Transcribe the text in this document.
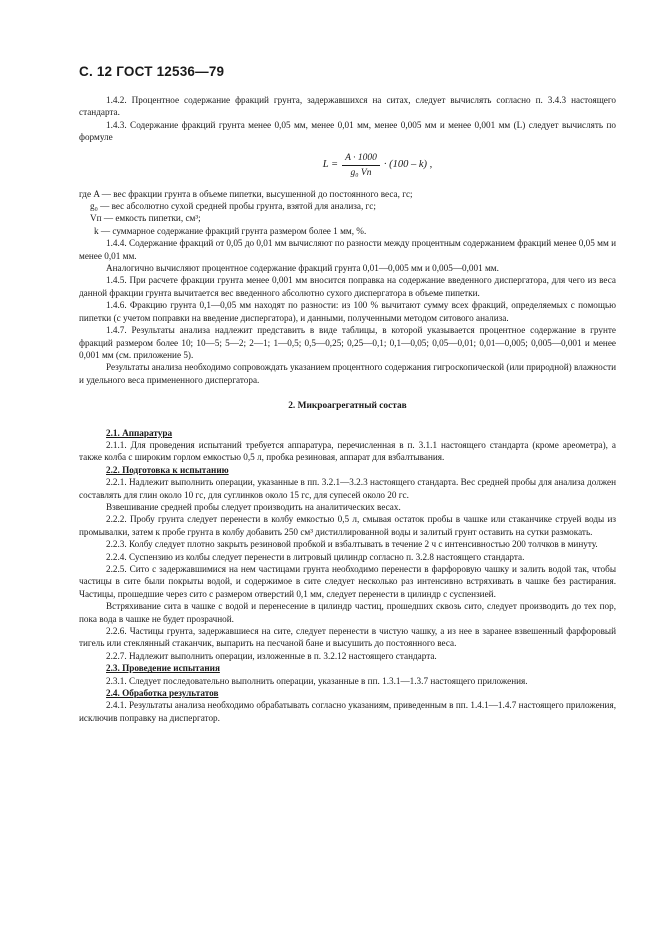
С. 12 ГОСТ 12536—79

1.4.2. Процентное содержание фракций грунта, задержавшихся на ситах, следует вычислять согласно п. 3.4.3 настоящего стандарта.

1.4.3. Содержание фракций грунта менее 0,05 мм, менее 0,01 мм, менее 0,005 мм и менее 0,001 мм (L) следует вычислять по формуле

$L = \frac{A \cdot 1000}{\text{g₀ Vп}} \cdot (100 - k)$ ,

где A — вес фракции грунта в объеме пипетки, высушенной до постоянного веса, гс;

g₀ — вес абсолютно сухой средней пробы грунта, взятой для анализа, гс;

Vп — емкость пипетки, см³;

k — суммарное содержание фракций грунта размером более 1 мм, %.

1.4.4. Содержание фракций от 0,05 до 0,01 мм вычисляют по разности между процентным содержанием фракций менее 0,05 мм и менее 0,01 мм.

Аналогично вычисляют процентное содержание фракций грунта 0,01—0,005 мм и 0,005—0,001 мм.

1.4.5. При расчете фракции грунта менее 0,001 мм вносится поправка на содержание введенного диспергатора, для чего из веса данной фракции грунта вычитается вес введенного абсолютно сухого диспергатора в объеме пипетки.

1.4.6. Фракцию грунта 0,1—0,05 мм находят по разности: из 100 % вычитают сумму всех фракций, определяемых с помощью пипетки (с учетом поправки на введение диспергатора), и данными, полученными методом ситового анализа.

1.4.7. Результаты анализа надлежит представить в виде таблицы, в которой указывается процентное содержание в грунте фракций размером более 10; 10—5; 5—2; 2—1; 1—0,5; 0,5—0,25; 0,25—0,1; 0,1—0,05; 0,05—0,01; 0,01—0,005; 0,005—0,001 и менее 0,001 мм (см. приложение 5).

Результаты анализа необходимо сопровождать указанием процентного содержания гигроскопической (или природной) влажности и удельного веса примененного диспергатора.

2. Микроагрегатный состав

2.1. Аппаратура

2.1.1. Для проведения испытаний требуется аппаратура, перечисленная в п. 3.1.1 настоящего стандарта (кроме ареометра), а также колба с широким горлом емкостью 0,5 л, пробка резиновая, аппарат для взбалтывания.

2.2. Подготовка к испытанию

2.2.1. Надлежит выполнить операции, указанные в пп. 3.2.1—3.2.3 настоящего стандарта. Вес средней пробы для анализа должен составлять для глин около 10 гс, для суглинков около 15 гс, для супесей около 20 гс.

Взвешивание средней пробы следует производить на аналитических весах.

2.2.2. Пробу грунта следует перенести в колбу емкостью 0,5 л, смывая остаток пробы в чашке или стаканчике струей воды из промывалки, затем к пробе грунта в колбу добавить 250 см³ дистиллированной воды и залитый грунт оставить на сутки размокать.

2.2.3. Колбу следует плотно закрыть резиновой пробкой и взбалтывать в течение 2 ч с интенсивностью 200 толчков в минуту.

2.2.4. Суспензию из колбы следует перенести в литровый цилиндр согласно п. 3.2.8 настоящего стандарта.

2.2.5. Сито с задержавшимися на нем частицами грунта необходимо перенести в фарфоровую чашку и залить водой так, чтобы частицы в сите были покрыты водой, и содержимое в сите следует несколько раз интенсивно встряхивать в чашке без растирания. Частицы, прошедшие через сито с размером отверстий 0,1 мм, следует перенести в цилиндр с суспензией.

Встряхивание сита в чашке с водой и перенесение в цилиндр частиц, прошедших сквозь сито, следует производить до тех пор, пока вода в чашке не будет прозрачной.

2.2.6. Частицы грунта, задержавшиеся на сите, следует перенести в чистую чашку, а из нее в заранее взвешенный фарфоровый тигель или стеклянный стаканчик, выпарить на песчаной бане и высушить до постоянного веса.

2.2.7. Надлежит выполнить операции, изложенные в п. 3.2.12 настоящего стандарта.

2.3. Проведение испытания

2.3.1. Следует последовательно выполнить операции, указанные в пп. 1.3.1—1.3.7 настоящего приложения.

2.4. Обработка результатов

2.4.1. Результаты анализа необходимо обрабатывать согласно указаниям, приведенным в пп. 1.4.1—1.4.7 настоящего приложения, исключив поправку на диспергатор.
